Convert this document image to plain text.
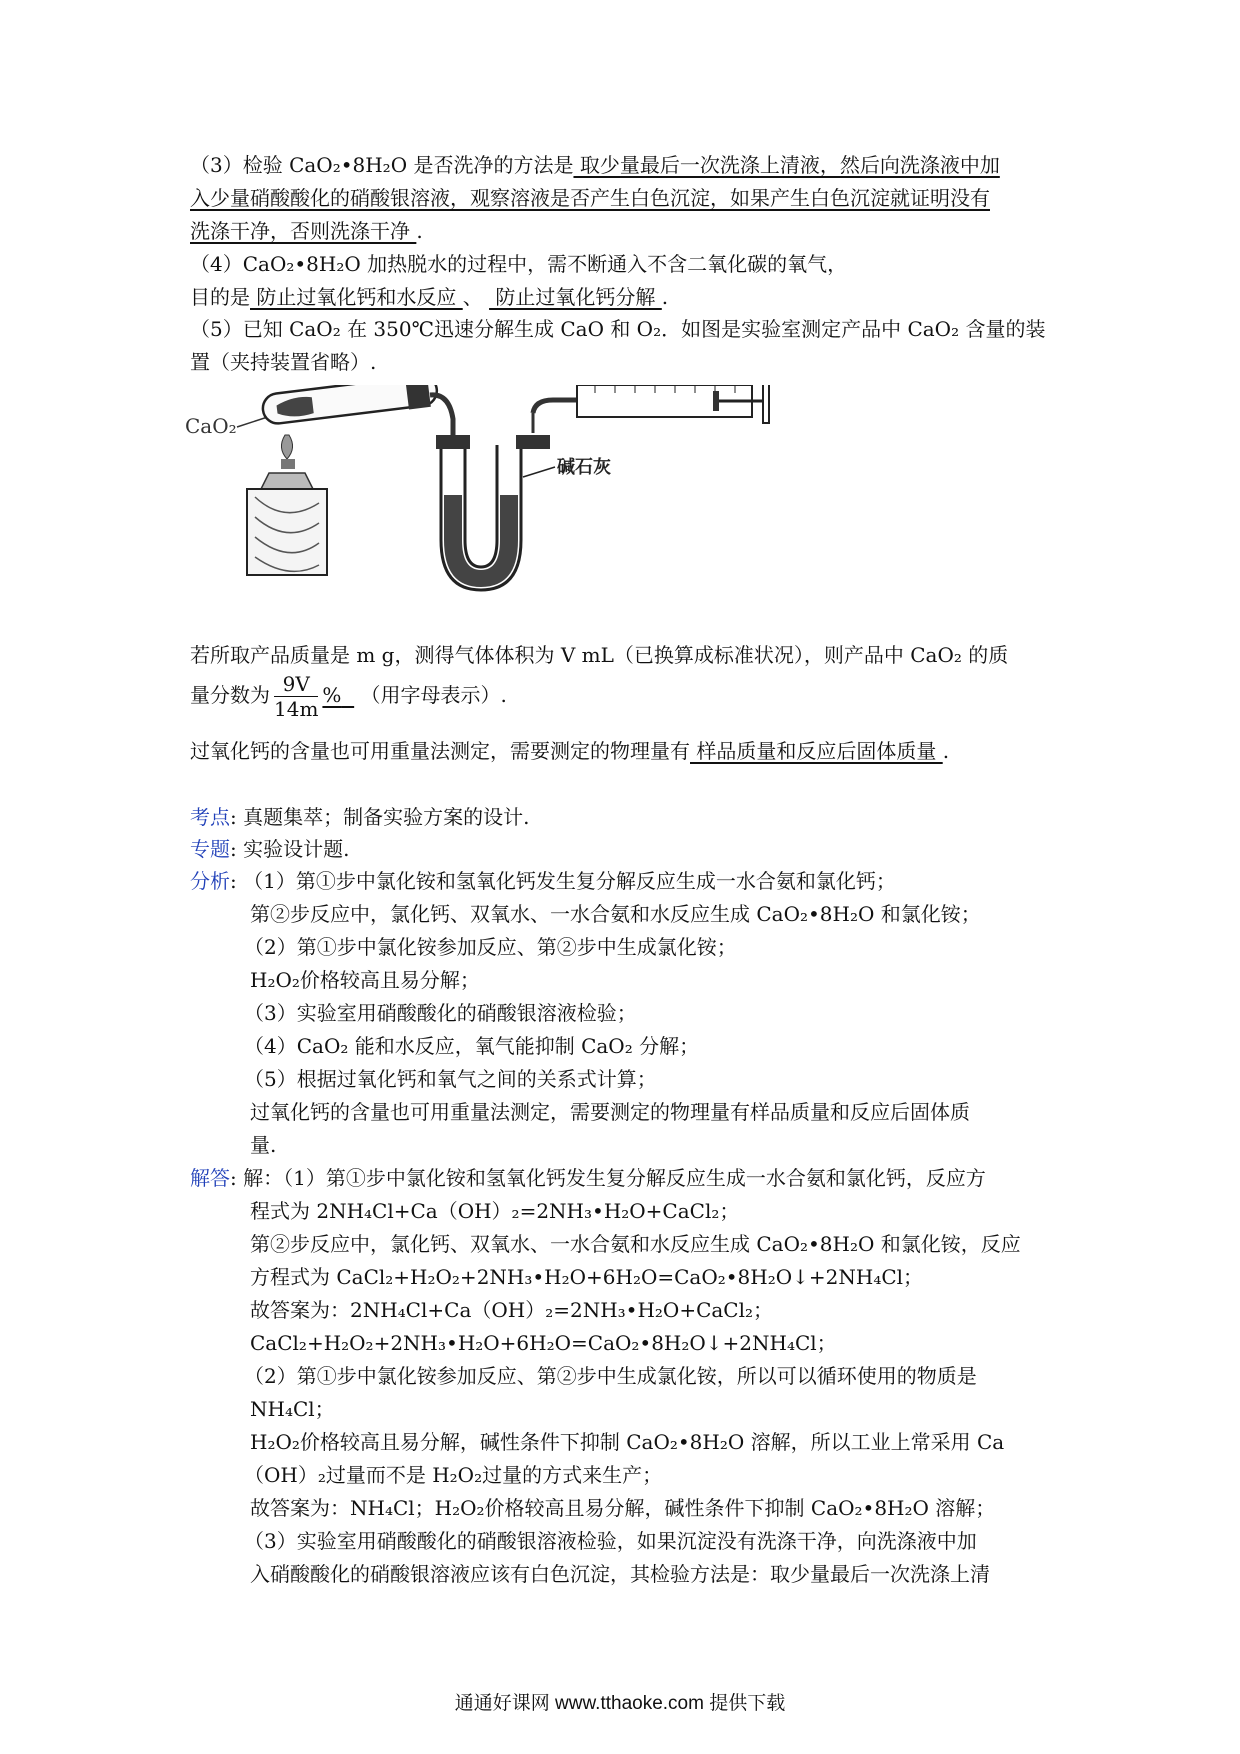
（3）检验 CaO₂•8H₂O 是否洗净的方法是 取少量最后一次洗涤上清液，然后向洗涤液中加
入少量硝酸酸化的硝酸银溶液，观察溶液是否产生白色沉淀，如果产生白色沉淀就证明没有
洗涤干净，否则洗涤干净 .
（4）CaO₂•8H₂O 加热脱水的过程中，需不断通入不含二氧化碳的氧气，
目的是 防止过氧化钙和水反应 、  防止过氧化钙分解 .
（5）已知 CaO₂ 在 350℃迅速分解生成 CaO 和 O₂．如图是实验室测定产品中 CaO₂ 含量的装
置（夹持装置省略）.
CaO₂
碱石灰
若所取产品质量是 m g，测得气体体积为 V mL（已换算成标准状况），则产品中 CaO₂ 的质
量分数为 $\frac{9V}{14m}$ % （用字母表示）.
过氧化钙的含量也可用重量法测定，需要测定的物理量有 样品质量和反应后固体质量 .
考点: 真题集萃；制备实验方案的设计.
专题: 实验设计题.
分析: （1）第①步中氯化铵和氢氧化钙发生复分解反应生成一水合氨和氯化钙；
第②步反应中，氯化钙、双氧水、一水合氨和水反应生成 CaO₂•8H₂O 和氯化铵；
（2）第①步中氯化铵参加反应、第②步中生成氯化铵；
H₂O₂价格较高且易分解；
（3）实验室用硝酸酸化的硝酸银溶液检验；
（4）CaO₂ 能和水反应，氧气能抑制 CaO₂ 分解；
（5）根据过氧化钙和氧气之间的关系式计算；
过氧化钙的含量也可用重量法测定，需要测定的物理量有样品质量和反应后固体质
量.
解答: 解：（1）第①步中氯化铵和氢氧化钙发生复分解反应生成一水合氨和氯化钙，反应方
程式为 2NH₄Cl+Ca（OH）₂=2NH₃•H₂O+CaCl₂；
第②步反应中，氯化钙、双氧水、一水合氨和水反应生成 CaO₂•8H₂O 和氯化铵，反应
方程式为 CaCl₂+H₂O₂+2NH₃•H₂O+6H₂O=CaO₂•8H₂O↓+2NH₄Cl；
故答案为：2NH₄Cl+Ca（OH）₂=2NH₃•H₂O+CaCl₂；
CaCl₂+H₂O₂+2NH₃•H₂O+6H₂O=CaO₂•8H₂O↓+2NH₄Cl；
（2）第①步中氯化铵参加反应、第②步中生成氯化铵，所以可以循环使用的物质是
NH₄Cl；
H₂O₂价格较高且易分解，碱性条件下抑制 CaO₂•8H₂O 溶解，所以工业上常采用 Ca
（OH）₂过量而不是 H₂O₂过量的方式来生产；
故答案为：NH₄Cl；H₂O₂价格较高且易分解，碱性条件下抑制 CaO₂•8H₂O 溶解；
（3）实验室用硝酸酸化的硝酸银溶液检验，如果沉淀没有洗涤干净，向洗涤液中加
入硝酸酸化的硝酸银溶液应该有白色沉淀，其检验方法是：取少量最后一次洗涤上清
通通好课网 www.tthaoke.com 提供下载
